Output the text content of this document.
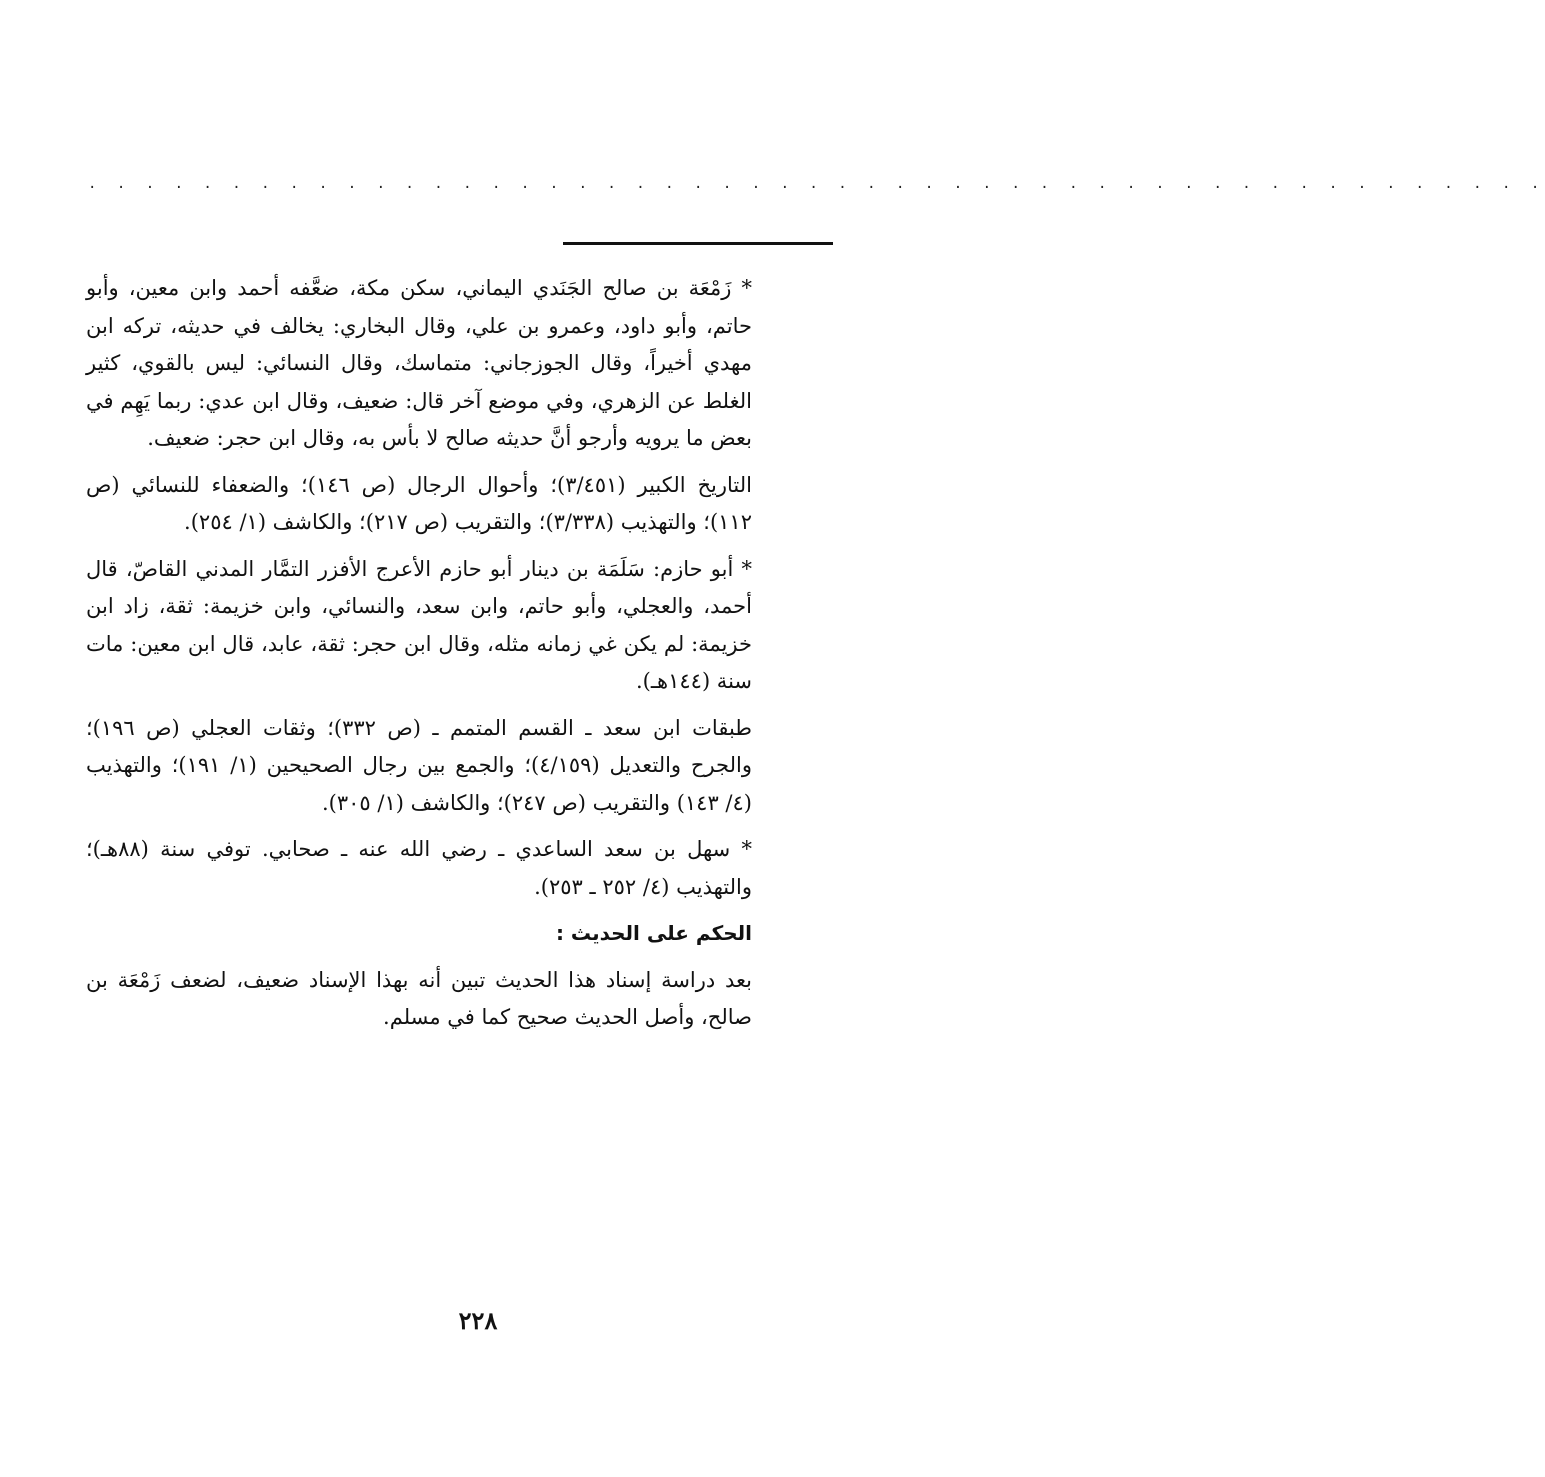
. . . . . . . . . . . . . . . . . . . . . . . . . . . . . . . . . . . . . . . . . . . . . . . . . . .

* زَمْعَة بن صالح الجَنَدي اليماني، سكن مكة، ضعَّفه أحمد وابن معين، وأبو حاتم، وأبو داود، وعمرو بن علي، وقال البخاري: يخالف في حديثه، تركه ابن مهدي أخيراً، وقال الجوزجاني: متماسك، وقال النسائي: ليس بالقوي، كثير الغلط عن الزهري، وفي موضع آخر قال: ضعيف، وقال ابن عدي: ربما يَهِم في بعض ما يرويه وأرجو أنَّ حديثه صالح لا بأس به، وقال ابن حجر: ضعيف.

التاريخ الكبير (٣/٤٥١)؛ وأحوال الرجال (ص ١٤٦)؛ والضعفاء للنسائي (ص ١١٢)؛ والتهذيب (٣/٣٣٨)؛ والتقريب (ص ٢١٧)؛ والكاشف (١/ ٢٥٤).

* أبو حازم: سَلَمَة بن دينار أبو حازم الأعرج الأفزر التمَّار المدني القاصّ، قال أحمد، والعجلي، وأبو حاتم، وابن سعد، والنسائي، وابن خزيمة: ثقة، زاد ابن خزيمة: لم يكن غي زمانه مثله، وقال ابن حجر: ثقة، عابد، قال ابن معين: مات سنة (١٤٤هـ).

طبقات ابن سعد ـ القسم المتمم ـ (ص ٣٣٢)؛ وثقات العجلي (ص ١٩٦)؛ والجرح والتعديل (٤/١٥٩)؛ والجمع بين رجال الصحيحين (١/ ١٩١)؛ والتهذيب (٤/ ١٤٣) والتقريب (ص ٢٤٧)؛ والكاشف (١/ ٣٠٥).

* سهل بن سعد الساعدي ـ رضي الله عنه ـ صحابي. توفي سنة (٨٨هـ)؛ والتهذيب (٤/ ٢٥٢ ـ ٢٥٣).

الحكم على الحديث :

بعد دراسة إسناد هذا الحديث تبين أنه بهذا الإسناد ضعيف، لضعف زَمْعَة بن صالح، وأصل الحديث صحيح كما في مسلم.

٢٢٨
